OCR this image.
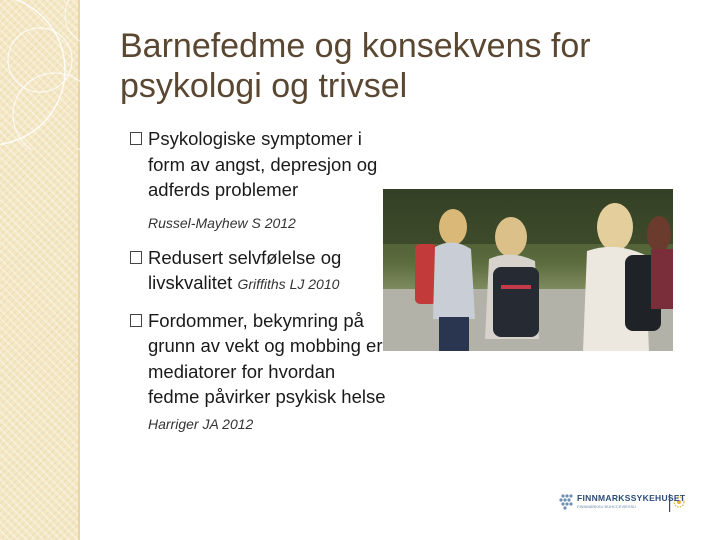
Barnefedme og konsekvens for
psykologi og trivsel
Psykologiske symptomer i form av angst, depresjon og adferds problemer
Russel-Mayhew S 2012
Redusert selvfølelse og livskvalitet Griffiths LJ 2010
Fordommer, bekymring på grunn av vekt og mobbing er mediatorer for hvordan fedme påvirker psykisk helse
Harriger JA 2012
FINNMARKSSYKEHUSET
FINNMÁRKKU BUHCCEVIESSU
